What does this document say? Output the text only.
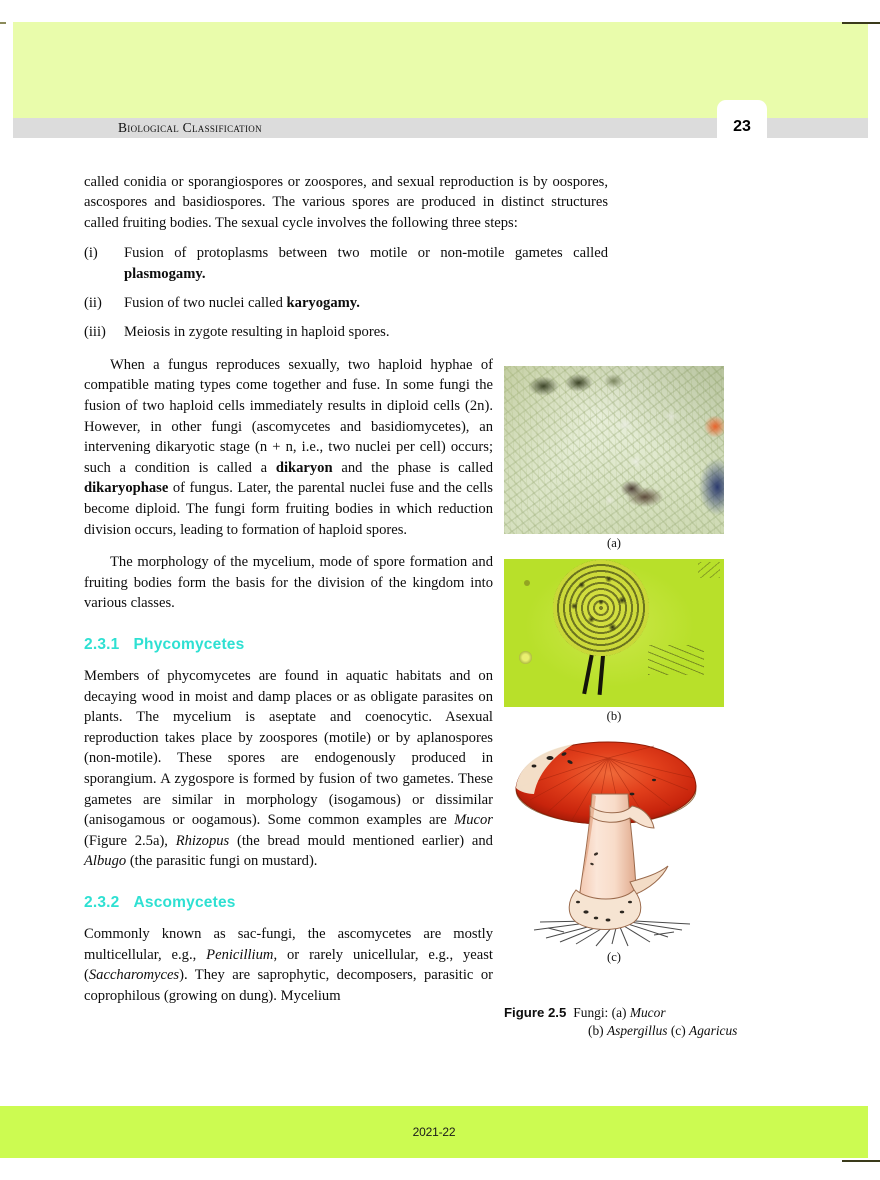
Biological Classification	23

called conidia or sporangiospores or zoospores, and sexual reproduction is by oospores, ascospores and basidiospores. The various spores are produced in distinct structures called fruiting bodies. The sexual cycle involves the following three steps:

(i)	Fusion of protoplasms between two motile or non-motile gametes called plasmogamy.
(ii)	Fusion of two nuclei called karyogamy.
(iii)	Meiosis in zygote resulting in haploid spores.

When a fungus reproduces sexually, two haploid hyphae of compatible mating types come together and fuse. In some fungi the fusion of two haploid cells immediately results in diploid cells (2n). However, in other fungi (ascomycetes and basidiomycetes), an intervening dikaryotic stage (n + n, i.e., two nuclei per cell) occurs; such a condition is called a dikaryon and the phase is called dikaryophase of fungus. Later, the parental nuclei fuse and the cells become diploid. The fungi form fruiting bodies in which reduction division occurs, leading to formation of haploid spores.

The morphology of the mycelium, mode of spore formation and fruiting bodies form the basis for the division of the kingdom into various classes.

2.3.1 Phycomycetes

Members of phycomycetes are found in aquatic habitats and on decaying wood in moist and damp places or as obligate parasites on plants. The mycelium is aseptate and coenocytic. Asexual reproduction takes place by zoospores (motile) or by aplanospores (non-motile). These spores are endogenously produced in sporangium. A zygospore is formed by fusion of two gametes. These gametes are similar in morphology (isogamous) or dissimilar (anisogamous or oogamous). Some common examples are Mucor (Figure 2.5a), Rhizopus (the bread mould mentioned earlier) and Albugo (the parasitic fungi on mustard).

2.3.2 Ascomycetes

Commonly known as sac-fungi, the ascomycetes are mostly multicellular, e.g., Penicillium, or rarely unicellular, e.g., yeast (Saccharomyces). They are saprophytic, decomposers, parasitic or coprophilous (growing on dung). Mycelium

(a)
(b)
(c)
Figure 2.5 Fungi: (a) Mucor
(b) Aspergillus (c) Agaricus
2021-22
